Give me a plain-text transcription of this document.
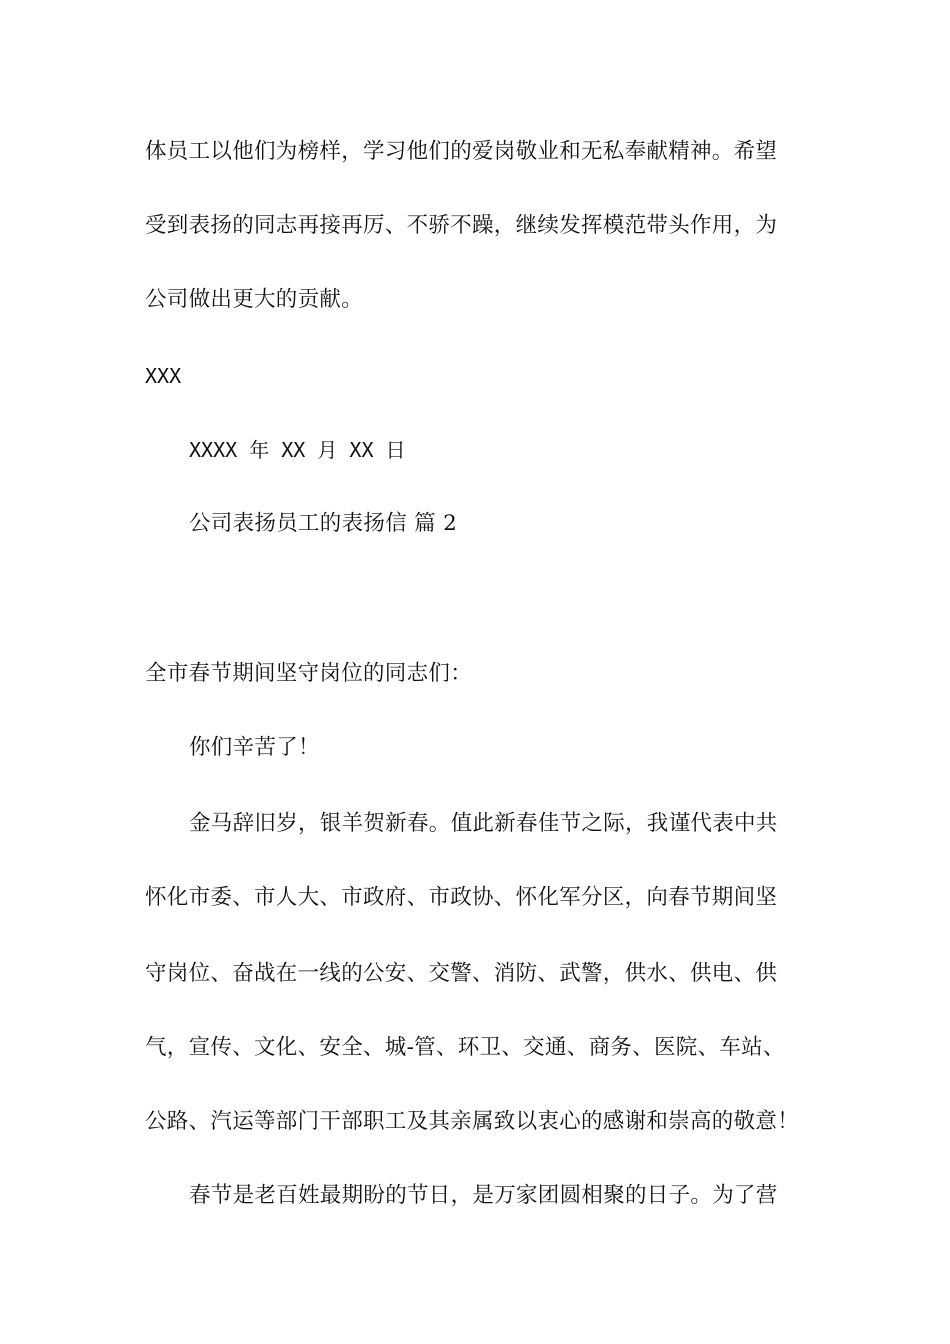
体员工以他们为榜样，学习他们的爱岗敬业和无私奉献精神。希望
受到表扬的同志再接再厉、不骄不躁，继续发挥模范带头作用，为
公司做出更大的贡献。
XXX
XXXX 年 XX 月 XX 日
公司表扬员工的表扬信 篇 2
全市春节期间坚守岗位的同志们：
你们辛苦了！
金马辞旧岁，银羊贺新春。值此新春佳节之际，我谨代表中共
怀化市委、市人大、市政府、市政协、怀化军分区，向春节期间坚
守岗位、奋战在一线的公安、交警、消防、武警，供水、供电、供
气，宣传、文化、安全、城-管、环卫、交通、商务、医院、车站、
公路、汽运等部门干部职工及其亲属致以衷心的感谢和崇高的敬意！
春节是老百姓最期盼的节日，是万家团圆相聚的日子。为了营
